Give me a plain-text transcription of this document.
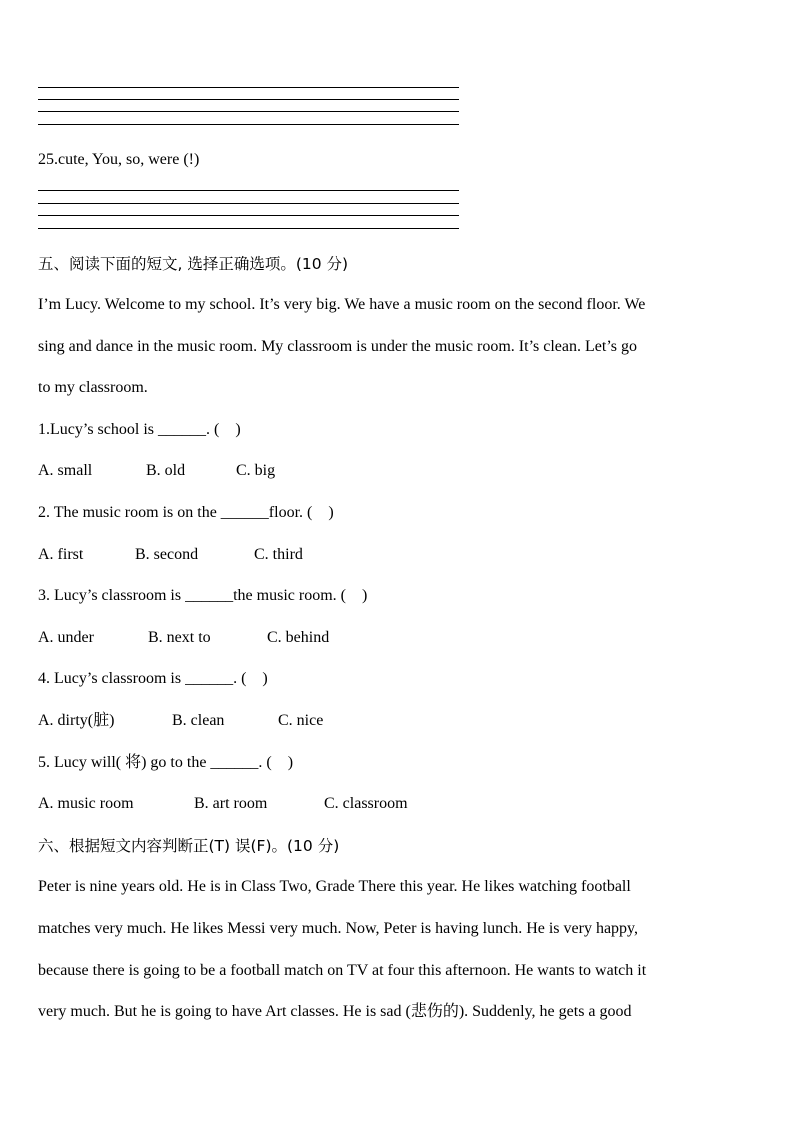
25.cute, You, so, were (!)
五、阅读下面的短文, 选择正确选项。(10 分)
I’m Lucy. Welcome to my school. It’s very big. We have a music room on the second floor. We
sing and dance in the music room. My classroom is under the music room. It’s clean. Let’s go
to my classroom.
1.Lucy’s school is ______. (    )
A. small	B. old	C. big
2. The music room is on the ______floor. (    )
A. first	B. second	C. third
3. Lucy’s classroom is ______the music room. (    )
A. under	B. next to	C. behind
4. Lucy’s classroom is ______. (    )
A. dirty(脏)	B. clean	C. nice
5. Lucy will( 将) go to the ______. (    )
A. music room	B. art room	C. classroom
六、根据短文内容判断正(T) 误(F)。(10 分)
Peter is nine years old. He is in Class Two, Grade There this year. He likes watching football
matches very much. He likes Messi very much. Now, Peter is having lunch. He is very happy,
because there is going to be a football match on TV at four this afternoon. He wants to watch it
very much. But he is going to have Art classes. He is sad (悲伤的). Suddenly, he gets a good
